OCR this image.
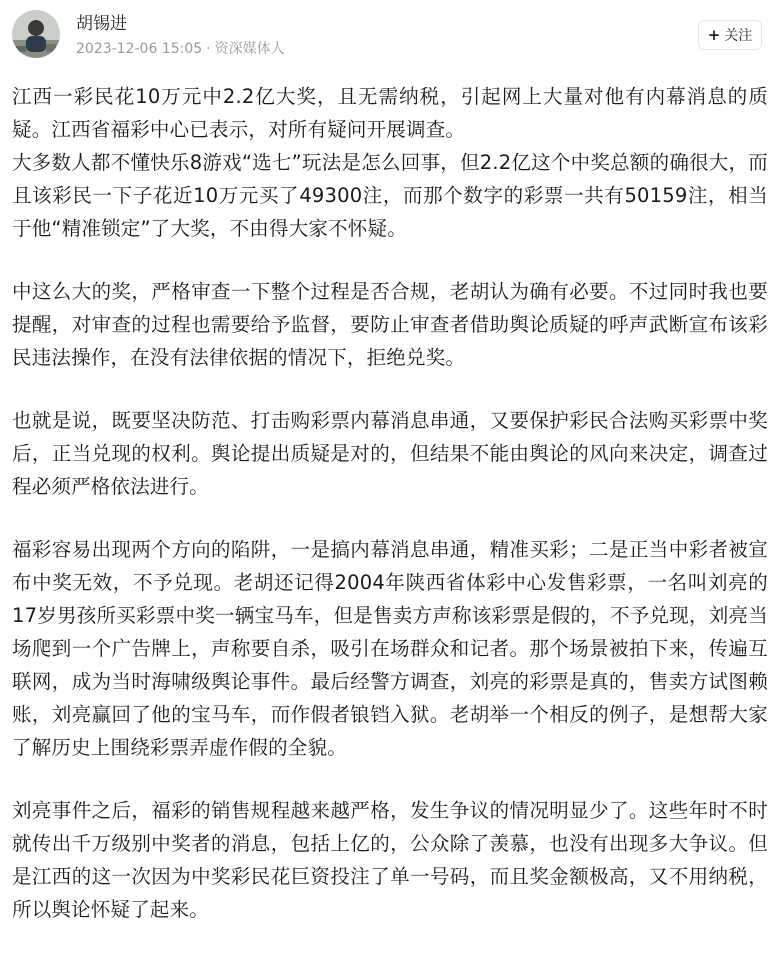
胡锡进
2023-12-06 15:05 · 资深媒体人
+ 关注

江西一彩民花10万元中2.2亿大奖，且无需纳税，引起网上大量对他有内幕消息的质疑。江西省福彩中心已表示，对所有疑问开展调查。

大多数人都不懂快乐8游戏“选七”玩法是怎么回事，但2.2亿这个中奖总额的确很大，而且该彩民一下子花近10万元买了49300注，而那个数字的彩票一共有50159注，相当于他“精准锁定”了大奖，不由得大家不怀疑。

中这么大的奖，严格审查一下整个过程是否合规，老胡认为确有必要。不过同时我也要提醒，对审查的过程也需要给予监督，要防止审查者借助舆论质疑的呼声武断宣布该彩民违法操作，在没有法律依据的情况下，拒绝兑奖。

也就是说，既要坚决防范、打击购彩票内幕消息串通，又要保护彩民合法购买彩票中奖后，正当兑现的权利。舆论提出质疑是对的，但结果不能由舆论的风向来决定，调查过程必须严格依法进行。

福彩容易出现两个方向的陷阱，一是搞内幕消息串通，精准买彩；二是正当中彩者被宣布中奖无效，不予兑现。老胡还记得2004年陕西省体彩中心发售彩票，一名叫刘亮的17岁男孩所买彩票中奖一辆宝马车，但是售卖方声称该彩票是假的，不予兑现，刘亮当场爬到一个广告牌上，声称要自杀，吸引在场群众和记者。那个场景被拍下来，传遍互联网，成为当时海啸级舆论事件。最后经警方调查，刘亮的彩票是真的，售卖方试图赖账，刘亮赢回了他的宝马车，而作假者锒铛入狱。老胡举一个相反的例子，是想帮大家了解历史上围绕彩票弄虚作假的全貌。

刘亮事件之后，福彩的销售规程越来越严格，发生争议的情况明显少了。这些年时不时就传出千万级别中奖者的消息，包括上亿的，公众除了羡慕，也没有出现多大争议。但是江西的这一次因为中奖彩民花巨资投注了单一号码，而且奖金额极高，又不用纳税，所以舆论怀疑了起来。
